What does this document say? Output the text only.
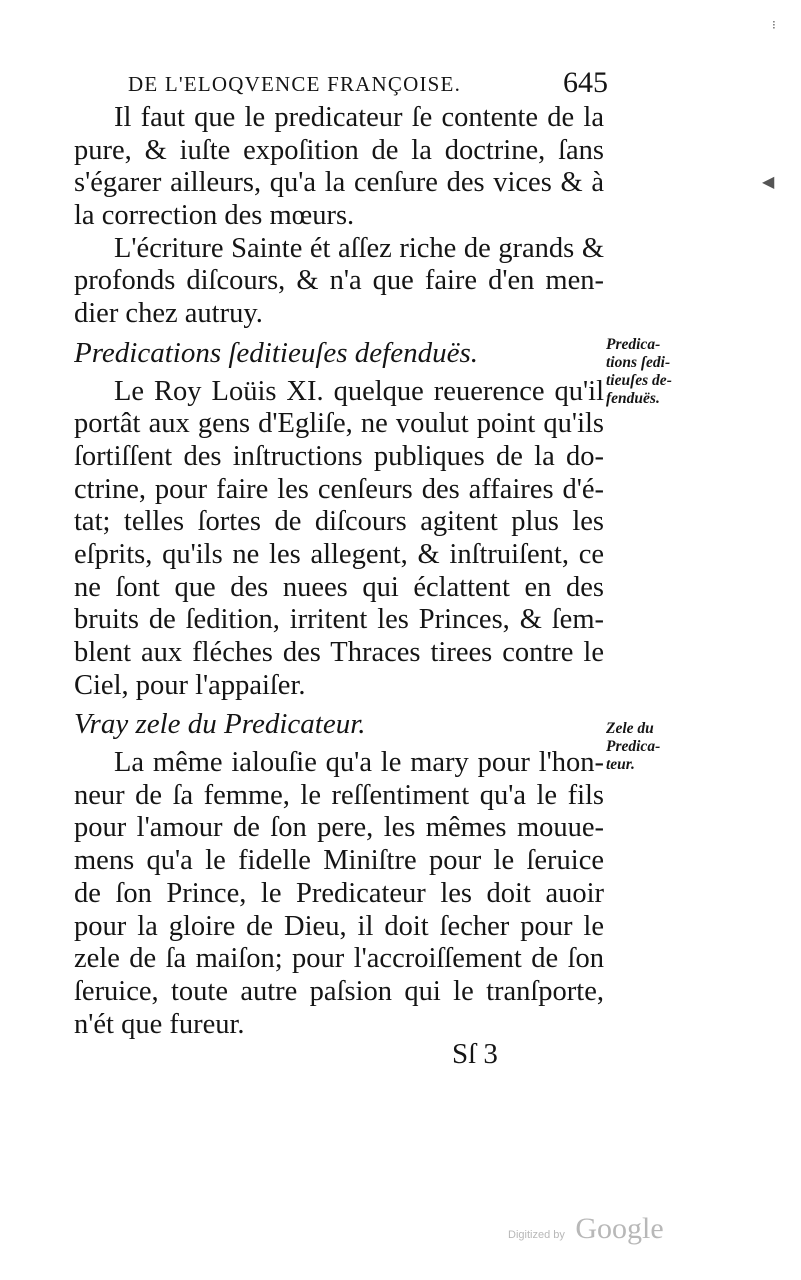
DE L'ELOQVENCE FRANÇOISE.	645
Il faut que le predicateur ſe contente de la
pure, & iuſte expoſition de la doctrine, ſans
s'égarer ailleurs, qu'a la cenſure des vices & à
la correction des mœurs.
L'écriture Sainte ét aſſez riche de grands &
profonds diſcours, & n'a que faire d'en men-
dier chez autruy.
Predications ſeditieuſes defenduës.
Le Roy Loüis XI. quelque reuerence qu'il
portât aux gens d'Egliſe, ne voulut point qu'ils
ſortiſſent des inſtructions publiques de la do-
ctrine, pour faire les cenſeurs des affaires d'é-
tat; telles ſortes de diſcours agitent plus les
eſprits, qu'ils ne les allegent, & inſtruiſent, ce
ne ſont que des nuees qui éclattent en des
bruits de ſedition, irritent les Princes, & ſem-
blent aux fléches des Thraces tirees contre le
Ciel, pour l'appaiſer.
Vray zele du Predicateur.
La même ialouſie qu'a le mary pour l'hon-
neur de ſa femme, le reſſentiment qu'a le fils
pour l'amour de ſon pere, les mêmes mouue-
mens qu'a le fidelle Miniſtre pour le ſeruice
de ſon Prince, le Predicateur les doit auoir
pour la gloire de Dieu, il doit ſecher pour le
zele de ſa maiſon; pour l'accroiſſement de ſon
ſeruice, toute autre paſsion qui le tranſporte,
n'ét que fureur.
Predica-
tions ſedi-
tieuſes de-
fenduës.
Zele du
Predica-
teur.
Sſ 3
Digitized by Google
◀
⁝
